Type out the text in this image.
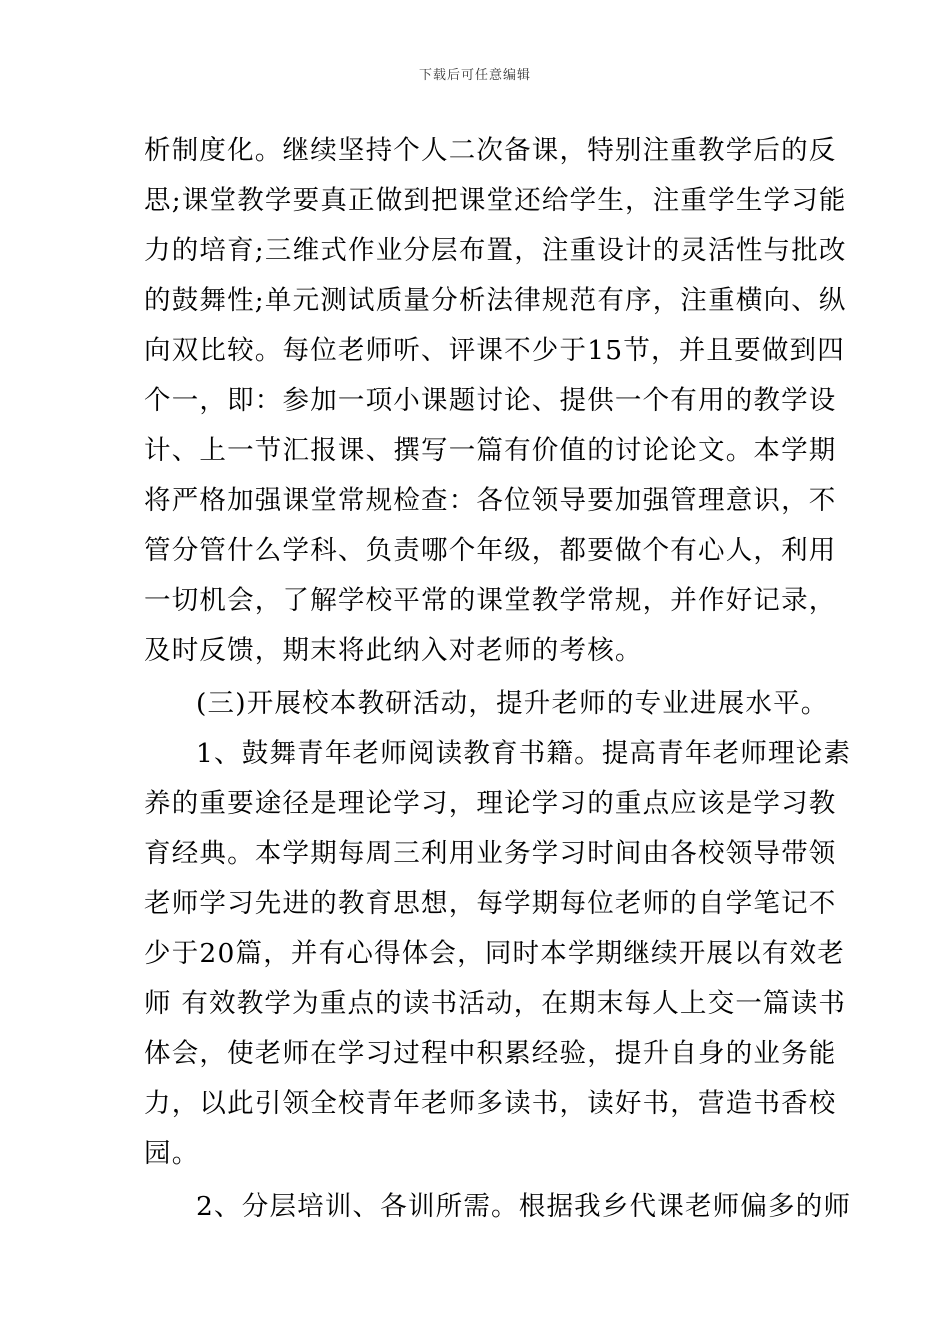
下载后可任意编辑
析制度化。继续坚持个人二次备课，特别注重教学后的反
思;课堂教学要真正做到把课堂还给学生，注重学生学习能
力的培育;三维式作业分层布置，注重设计的灵活性与批改
的鼓舞性;单元测试质量分析法律规范有序，注重横向、纵
向双比较。每位老师听、评课不少于15节，并且要做到四
个一，即：参加一项小课题讨论、提供一个有用的教学设
计、上一节汇报课、撰写一篇有价值的讨论论文。本学期
将严格加强课堂常规检查：各位领导要加强管理意识，不
管分管什么学科、负责哪个年级，都要做个有心人，利用
一切机会，了解学校平常的课堂教学常规，并作好记录，
及时反馈，期末将此纳入对老师的考核。
(三)开展校本教研活动，提升老师的专业进展水平。
1、鼓舞青年老师阅读教育书籍。提高青年老师理论素
养的重要途径是理论学习，理论学习的重点应该是学习教
育经典。本学期每周三利用业务学习时间由各校领导带领
老师学习先进的教育思想，每学期每位老师的自学笔记不
少于20篇，并有心得体会，同时本学期继续开展以有效老
师 有效教学为重点的读书活动，在期末每人上交一篇读书
体会，使老师在学习过程中积累经验，提升自身的业务能
力，以此引领全校青年老师多读书，读好书，营造书香校
园。
2、分层培训、各训所需。根据我乡代课老师偏多的师
